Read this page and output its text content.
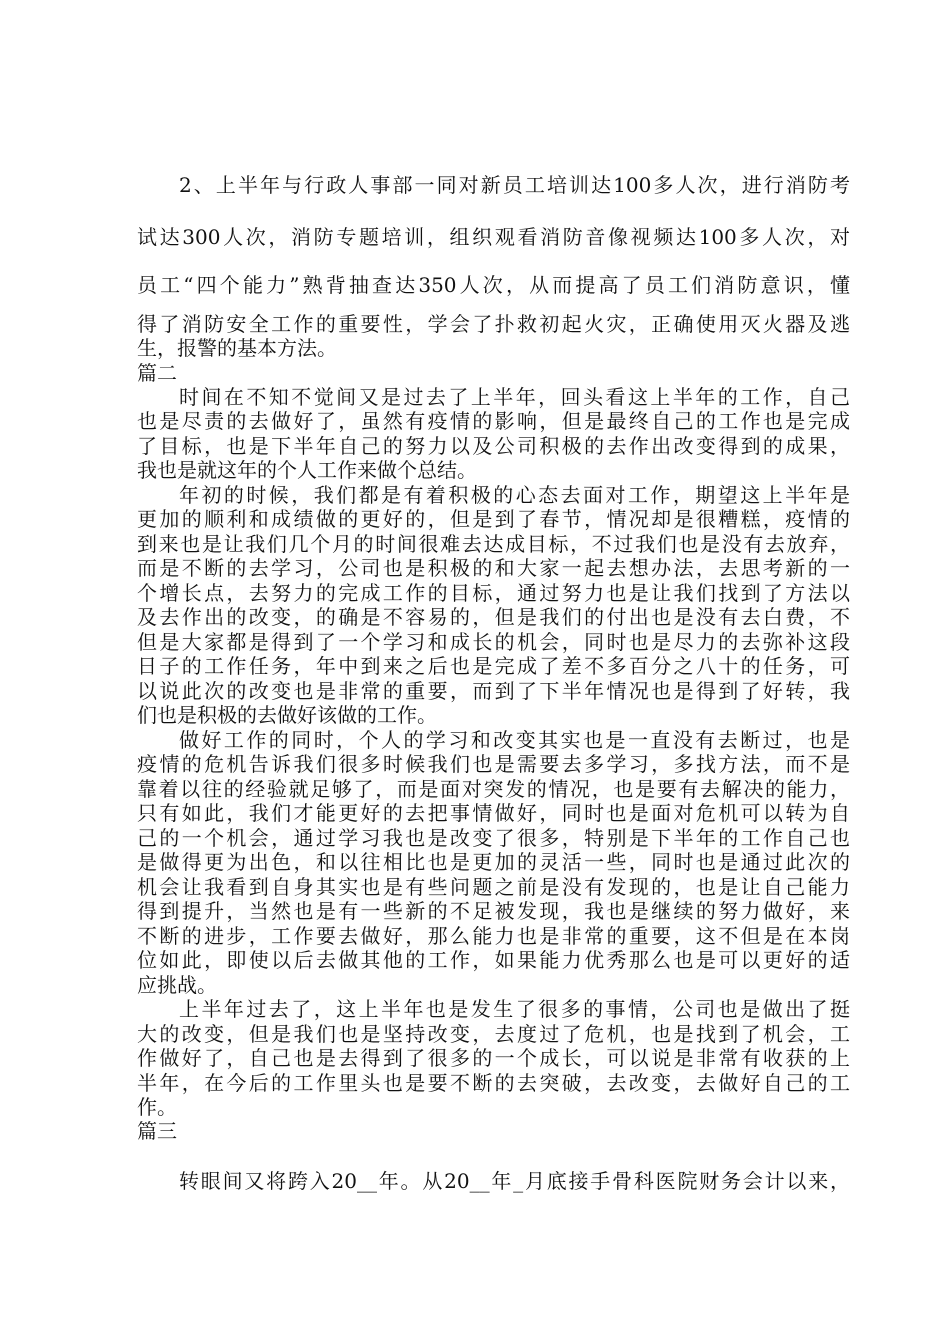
2、上半年与行政人事部一同对新员工培训达100多人次，进行消防考
试达300人次，消防专题培训，组织观看消防音像视频达100多人次，对
员工“四个能力”熟背抽查达350人次，从而提高了员工们消防意识，懂
得了消防安全工作的重要性，学会了扑救初起火灾，正确使用灭火器及逃
生，报警的基本方法。
篇二
时间在不知不觉间又是过去了上半年，回头看这上半年的工作，自己
也是尽责的去做好了，虽然有疫情的影响，但是最终自己的工作也是完成
了目标，也是下半年自己的努力以及公司积极的去作出改变得到的成果，
我也是就这年的个人工作来做个总结。
年初的时候，我们都是有着积极的心态去面对工作，期望这上半年是
更加的顺利和成绩做的更好的，但是到了春节，情况却是很糟糕，疫情的
到来也是让我们几个月的时间很难去达成目标，不过我们也是没有去放弃，
而是不断的去学习，公司也是积极的和大家一起去想办法，去思考新的一
个增长点，去努力的完成工作的目标，通过努力也是让我们找到了方法以
及去作出的改变，的确是不容易的，但是我们的付出也是没有去白费，不
但是大家都是得到了一个学习和成长的机会，同时也是尽力的去弥补这段
日子的工作任务，年中到来之后也是完成了差不多百分之八十的任务，可
以说此次的改变也是非常的重要，而到了下半年情况也是得到了好转，我
们也是积极的去做好该做的工作。
做好工作的同时，个人的学习和改变其实也是一直没有去断过，也是
疫情的危机告诉我们很多时候我们也是需要去多学习，多找方法，而不是
靠着以往的经验就足够了，而是面对突发的情况，也是要有去解决的能力，
只有如此，我们才能更好的去把事情做好，同时也是面对危机可以转为自
己的一个机会，通过学习我也是改变了很多，特别是下半年的工作自己也
是做得更为出色，和以往相比也是更加的灵活一些，同时也是通过此次的
机会让我看到自身其实也是有些问题之前是没有发现的，也是让自己能力
得到提升，当然也是有一些新的不足被发现，我也是继续的努力做好，来
不断的进步，工作要去做好，那么能力也是非常的重要，这不但是在本岗
位如此，即使以后去做其他的工作，如果能力优秀那么也是可以更好的适
应挑战。
上半年过去了，这上半年也是发生了很多的事情，公司也是做出了挺
大的改变，但是我们也是坚持改变，去度过了危机，也是找到了机会，工
作做好了，自己也是去得到了很多的一个成长，可以说是非常有收获的上
半年，在今后的工作里头也是要不断的去突破，去改变，去做好自己的工
作。
篇三
转眼间又将跨入20__年。从20__年_月底接手骨科医院财务会计以来，
